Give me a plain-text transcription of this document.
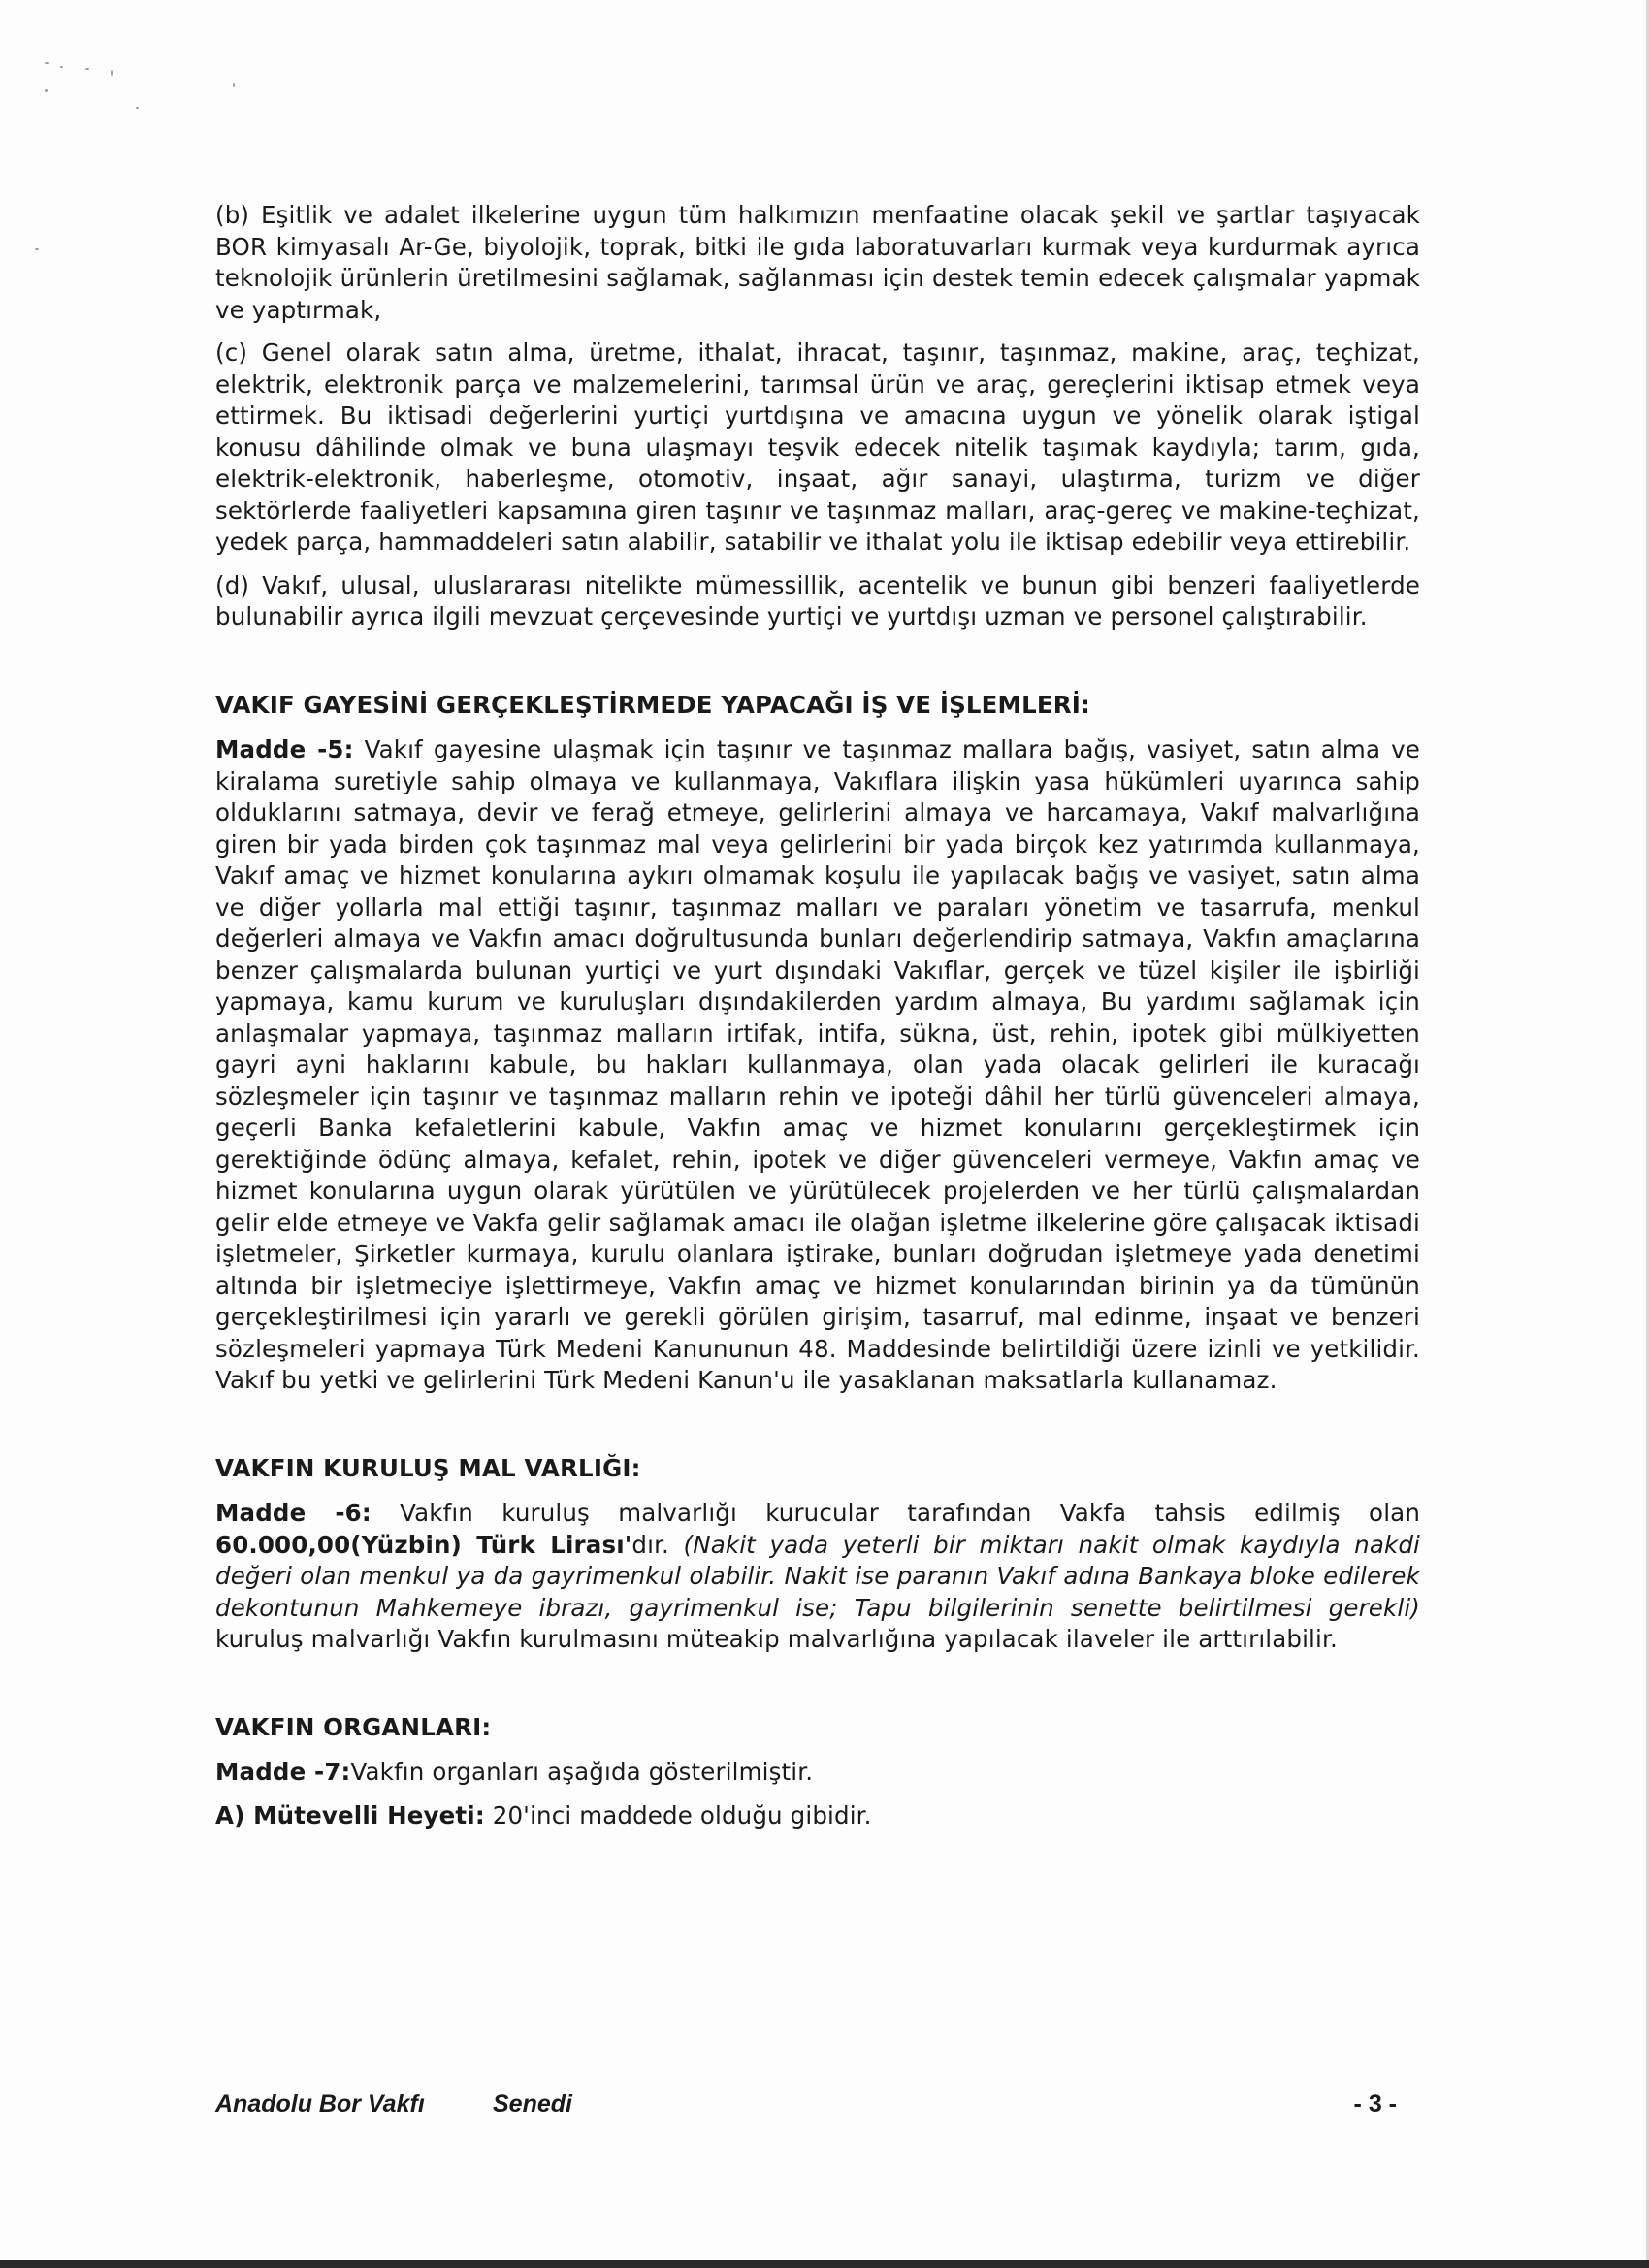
(b) Eşitlik ve adalet ilkelerine uygun tüm halkımızın menfaatine olacak şekil ve şartlar taşıyacak BOR kimyasalı Ar-Ge, biyolojik, toprak, bitki ile gıda laboratuvarları kurmak veya kurdurmak ayrıca teknolojik ürünlerin üretilmesini sağlamak, sağlanması için destek temin edecek çalışmalar yapmak ve yaptırmak,

(c) Genel olarak satın alma, üretme, ithalat, ihracat, taşınır, taşınmaz, makine, araç, teçhizat, elektrik, elektronik parça ve malzemelerini, tarımsal ürün ve araç, gereçlerini iktisap etmek veya ettirmek. Bu iktisadi değerlerini yurtiçi yurtdışına ve amacına uygun ve yönelik olarak iştigal konusu dâhilinde olmak ve buna ulaşmayı teşvik edecek nitelik taşımak kaydıyla; tarım, gıda, elektrik-elektronik, haberleşme, otomotiv, inşaat, ağır sanayi, ulaştırma, turizm ve diğer sektörlerde faaliyetleri kapsamına giren taşınır ve taşınmaz malları, araç-gereç ve makine-teçhizat, yedek parça, hammaddeleri satın alabilir, satabilir ve ithalat yolu ile iktisap edebilir veya ettirebilir.

(d) Vakıf, ulusal, uluslararası nitelikte mümessillik, acentelik ve bunun gibi benzeri faaliyetlerde bulunabilir ayrıca ilgili mevzuat çerçevesinde yurtiçi ve yurtdışı uzman ve personel çalıştırabilir.

VAKIF GAYESİNİ GERÇEKLEŞTİRMEDE YAPACAĞI İŞ VE İŞLEMLERİ:

Madde -5: Vakıf gayesine ulaşmak için taşınır ve taşınmaz mallara bağış, vasiyet, satın alma ve kiralama suretiyle sahip olmaya ve kullanmaya, Vakıflara ilişkin yasa hükümleri uyarınca sahip olduklarını satmaya, devir ve ferağ etmeye, gelirlerini almaya ve harcamaya, Vakıf malvarlığına giren bir yada birden çok taşınmaz mal veya gelirlerini bir yada birçok kez yatırımda kullanmaya, Vakıf amaç ve hizmet konularına aykırı olmamak koşulu ile yapılacak bağış ve vasiyet, satın alma ve diğer yollarla mal ettiği taşınır, taşınmaz malları ve paraları yönetim ve tasarrufa, menkul değerleri almaya ve Vakfın amacı doğrultusunda bunları değerlendirip satmaya, Vakfın amaçlarına benzer çalışmalarda bulunan yurtiçi ve yurt dışındaki Vakıflar, gerçek ve tüzel kişiler ile işbirliği yapmaya, kamu kurum ve kuruluşları dışındakilerden yardım almaya, Bu yardımı sağlamak için anlaşmalar yapmaya, taşınmaz malların irtifak, intifa, sükna, üst, rehin, ipotek gibi mülkiyetten gayri ayni haklarını kabule, bu hakları kullanmaya, olan yada olacak gelirleri ile kuracağı sözleşmeler için taşınır ve taşınmaz malların rehin ve ipoteği dâhil her türlü güvenceleri almaya, geçerli Banka kefaletlerini kabule, Vakfın amaç ve hizmet konularını gerçekleştirmek için gerektiğinde ödünç almaya, kefalet, rehin, ipotek ve diğer güvenceleri vermeye, Vakfın amaç ve hizmet konularına uygun olarak yürütülen ve yürütülecek projelerden ve her türlü çalışmalardan gelir elde etmeye ve Vakfa gelir sağlamak amacı ile olağan işletme ilkelerine göre çalışacak iktisadi işletmeler, Şirketler kurmaya, kurulu olanlara iştirake, bunları doğrudan işletmeye yada denetimi altında bir işletmeciye işlettirmeye, Vakfın amaç ve hizmet konularından birinin ya da tümünün gerçekleştirilmesi için yararlı ve gerekli görülen girişim, tasarruf, mal edinme, inşaat ve benzeri sözleşmeleri yapmaya Türk Medeni Kanununun 48. Maddesinde belirtildiği üzere izinli ve yetkilidir. Vakıf bu yetki ve gelirlerini Türk Medeni Kanun'u ile yasaklanan maksatlarla kullanamaz.

VAKFIN KURULUŞ MAL VARLIĞI:

Madde -6: Vakfın kuruluş malvarlığı kurucular tarafından Vakfa tahsis edilmiş olan 60.000,00(Yüzbin) Türk Lirası'dır. (Nakit yada yeterli bir miktarı nakit olmak kaydıyla nakdi değeri olan menkul ya da gayrimenkul olabilir. Nakit ise paranın Vakıf adına Bankaya bloke edilerek dekontunun Mahkemeye ibrazı, gayrimenkul ise; Tapu bilgilerinin senette belirtilmesi gerekli) kuruluş malvarlığı Vakfın kurulmasını müteakip malvarlığına yapılacak ilaveler ile arttırılabilir.

VAKFIN ORGANLARI:

Madde -7:Vakfın organları aşağıda gösterilmiştir.

A) Mütevelli Heyeti: 20'inci maddede olduğu gibidir.

Anadolu Bor Vakfı	Senedi	- 3 -
